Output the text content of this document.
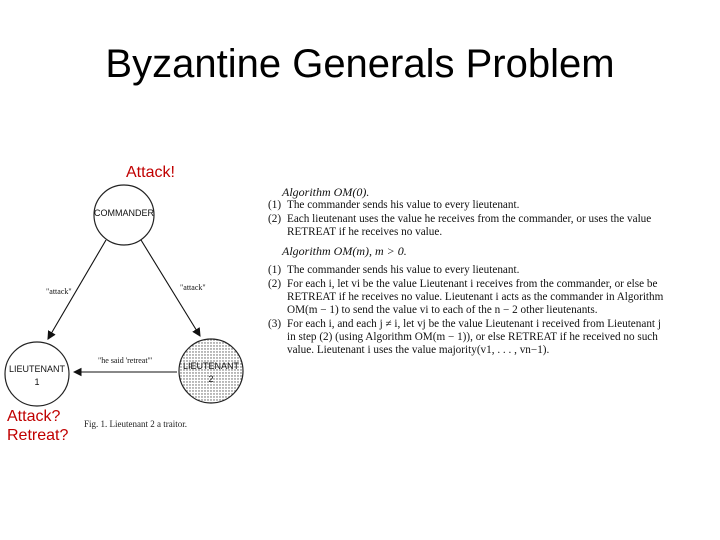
Byzantine Generals Problem
Attack!
Attack?
Retreat?
COMMANDER
LIEUTENANT
1
LIEUTENANT
2
"attack"	"attack"
"he said 'retreat'"
Fig. 1. Lieutenant 2 a traitor.
Algorithm OM(0).
(1) The commander sends his value to every lieutenant.
(2) Each lieutenant uses the value he receives from the commander, or uses the value
RETREAT if he receives no value.
Algorithm OM(m), m > 0.
(1) The commander sends his value to every lieutenant.
(2) For each i, let vi be the value Lieutenant i receives from the commander, or else be
RETREAT if he receives no value. Lieutenant i acts as the commander in Algorithm
OM(m − 1) to send the value vi to each of the n − 2 other lieutenants.
(3) For each i, and each j ≠ i, let vj be the value Lieutenant i received from Lieutenant j
in step (2) (using Algorithm OM(m − 1)), or else RETREAT if he received no such
value. Lieutenant i uses the value majority(v1, . . . , vn−1).
